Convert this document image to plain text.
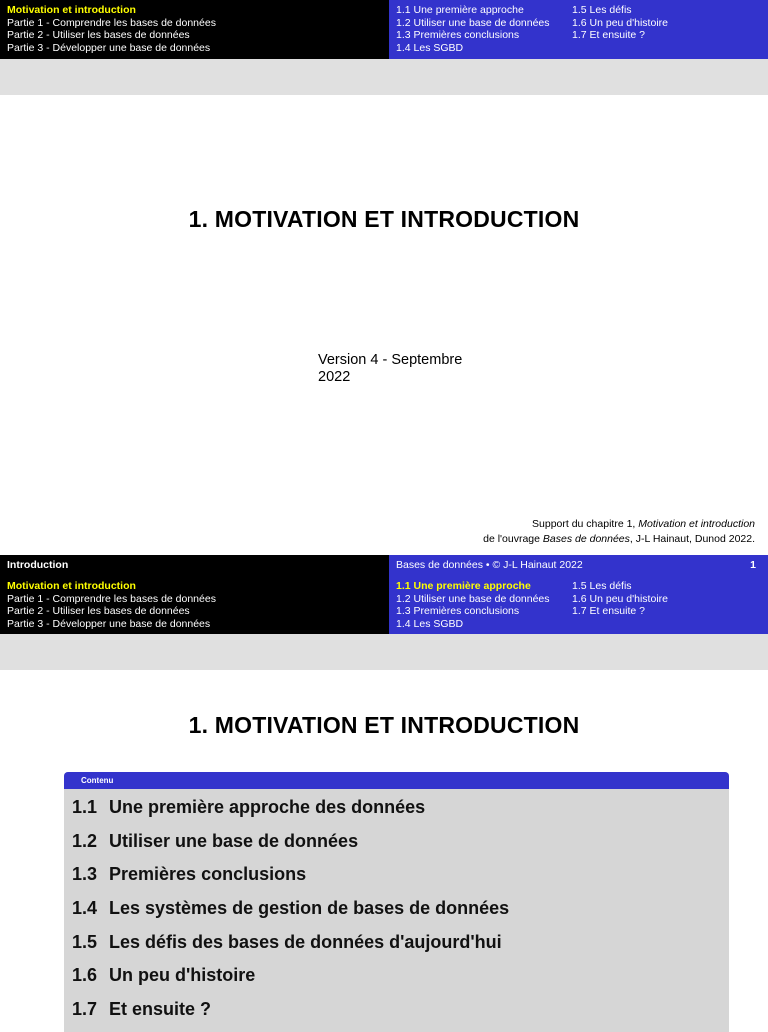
Motivation et introduction
Partie 1 - Comprendre les bases de données
Partie 2 - Utiliser les bases de données
Partie 3 - Développer une base de données
1.1 Une première approche
1.2 Utiliser une base de données
1.3 Premières conclusions
1.4 Les SGBD
1.5 Les défis
1.6 Un peu d'histoire
1.7 Et ensuite ?
1. MOTIVATION ET INTRODUCTION
Version 4 - Septembre 2022
Support du chapitre 1, Motivation et introduction
de l'ouvrage Bases de données, J-L Hainaut, Dunod 2022.
Introduction	Bases de données • © J-L Hainaut 2022	1
Motivation et introduction
Partie 1 - Comprendre les bases de données
Partie 2 - Utiliser les bases de données
Partie 3 - Développer une base de données
1.1 Une première approche
1.2 Utiliser une base de données
1.3 Premières conclusions
1.4 Les SGBD
1.5 Les défis
1.6 Un peu d'histoire
1.7 Et ensuite ?
1. MOTIVATION ET INTRODUCTION
Contenu
1.1 Une première approche des données
1.2 Utiliser une base de données
1.3 Premières conclusions
1.4 Les systèmes de gestion de bases de données
1.5 Les défis des bases de données d'aujourd'hui
1.6 Un peu d'histoire
1.7 Et ensuite ?
